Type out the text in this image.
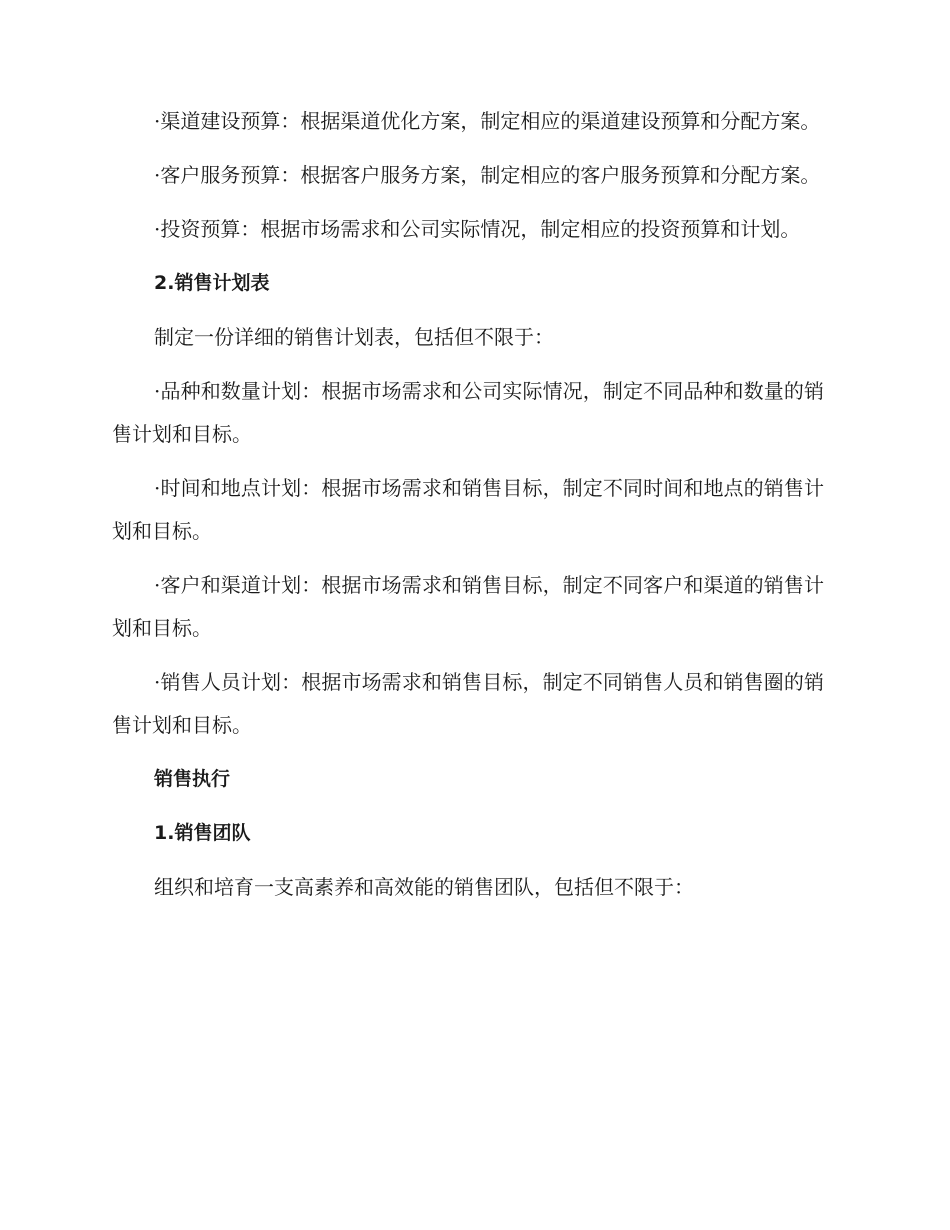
·渠道建设预算：根据渠道优化方案，制定相应的渠道建设预算和分配方案。

·客户服务预算：根据客户服务方案，制定相应的客户服务预算和分配方案。

·投资预算：根据市场需求和公司实际情况，制定相应的投资预算和计划。

2.销售计划表

制定一份详细的销售计划表，包括但不限于：

·品种和数量计划：根据市场需求和公司实际情况，制定不同品种和数量的销售计划和目标。

·时间和地点计划：根据市场需求和销售目标，制定不同时间和地点的销售计划和目标。

·客户和渠道计划：根据市场需求和销售目标，制定不同客户和渠道的销售计划和目标。

·销售人员计划：根据市场需求和销售目标，制定不同销售人员和销售圈的销售计划和目标。

销售执行

1.销售团队

组织和培育一支高素养和高效能的销售团队，包括但不限于：
